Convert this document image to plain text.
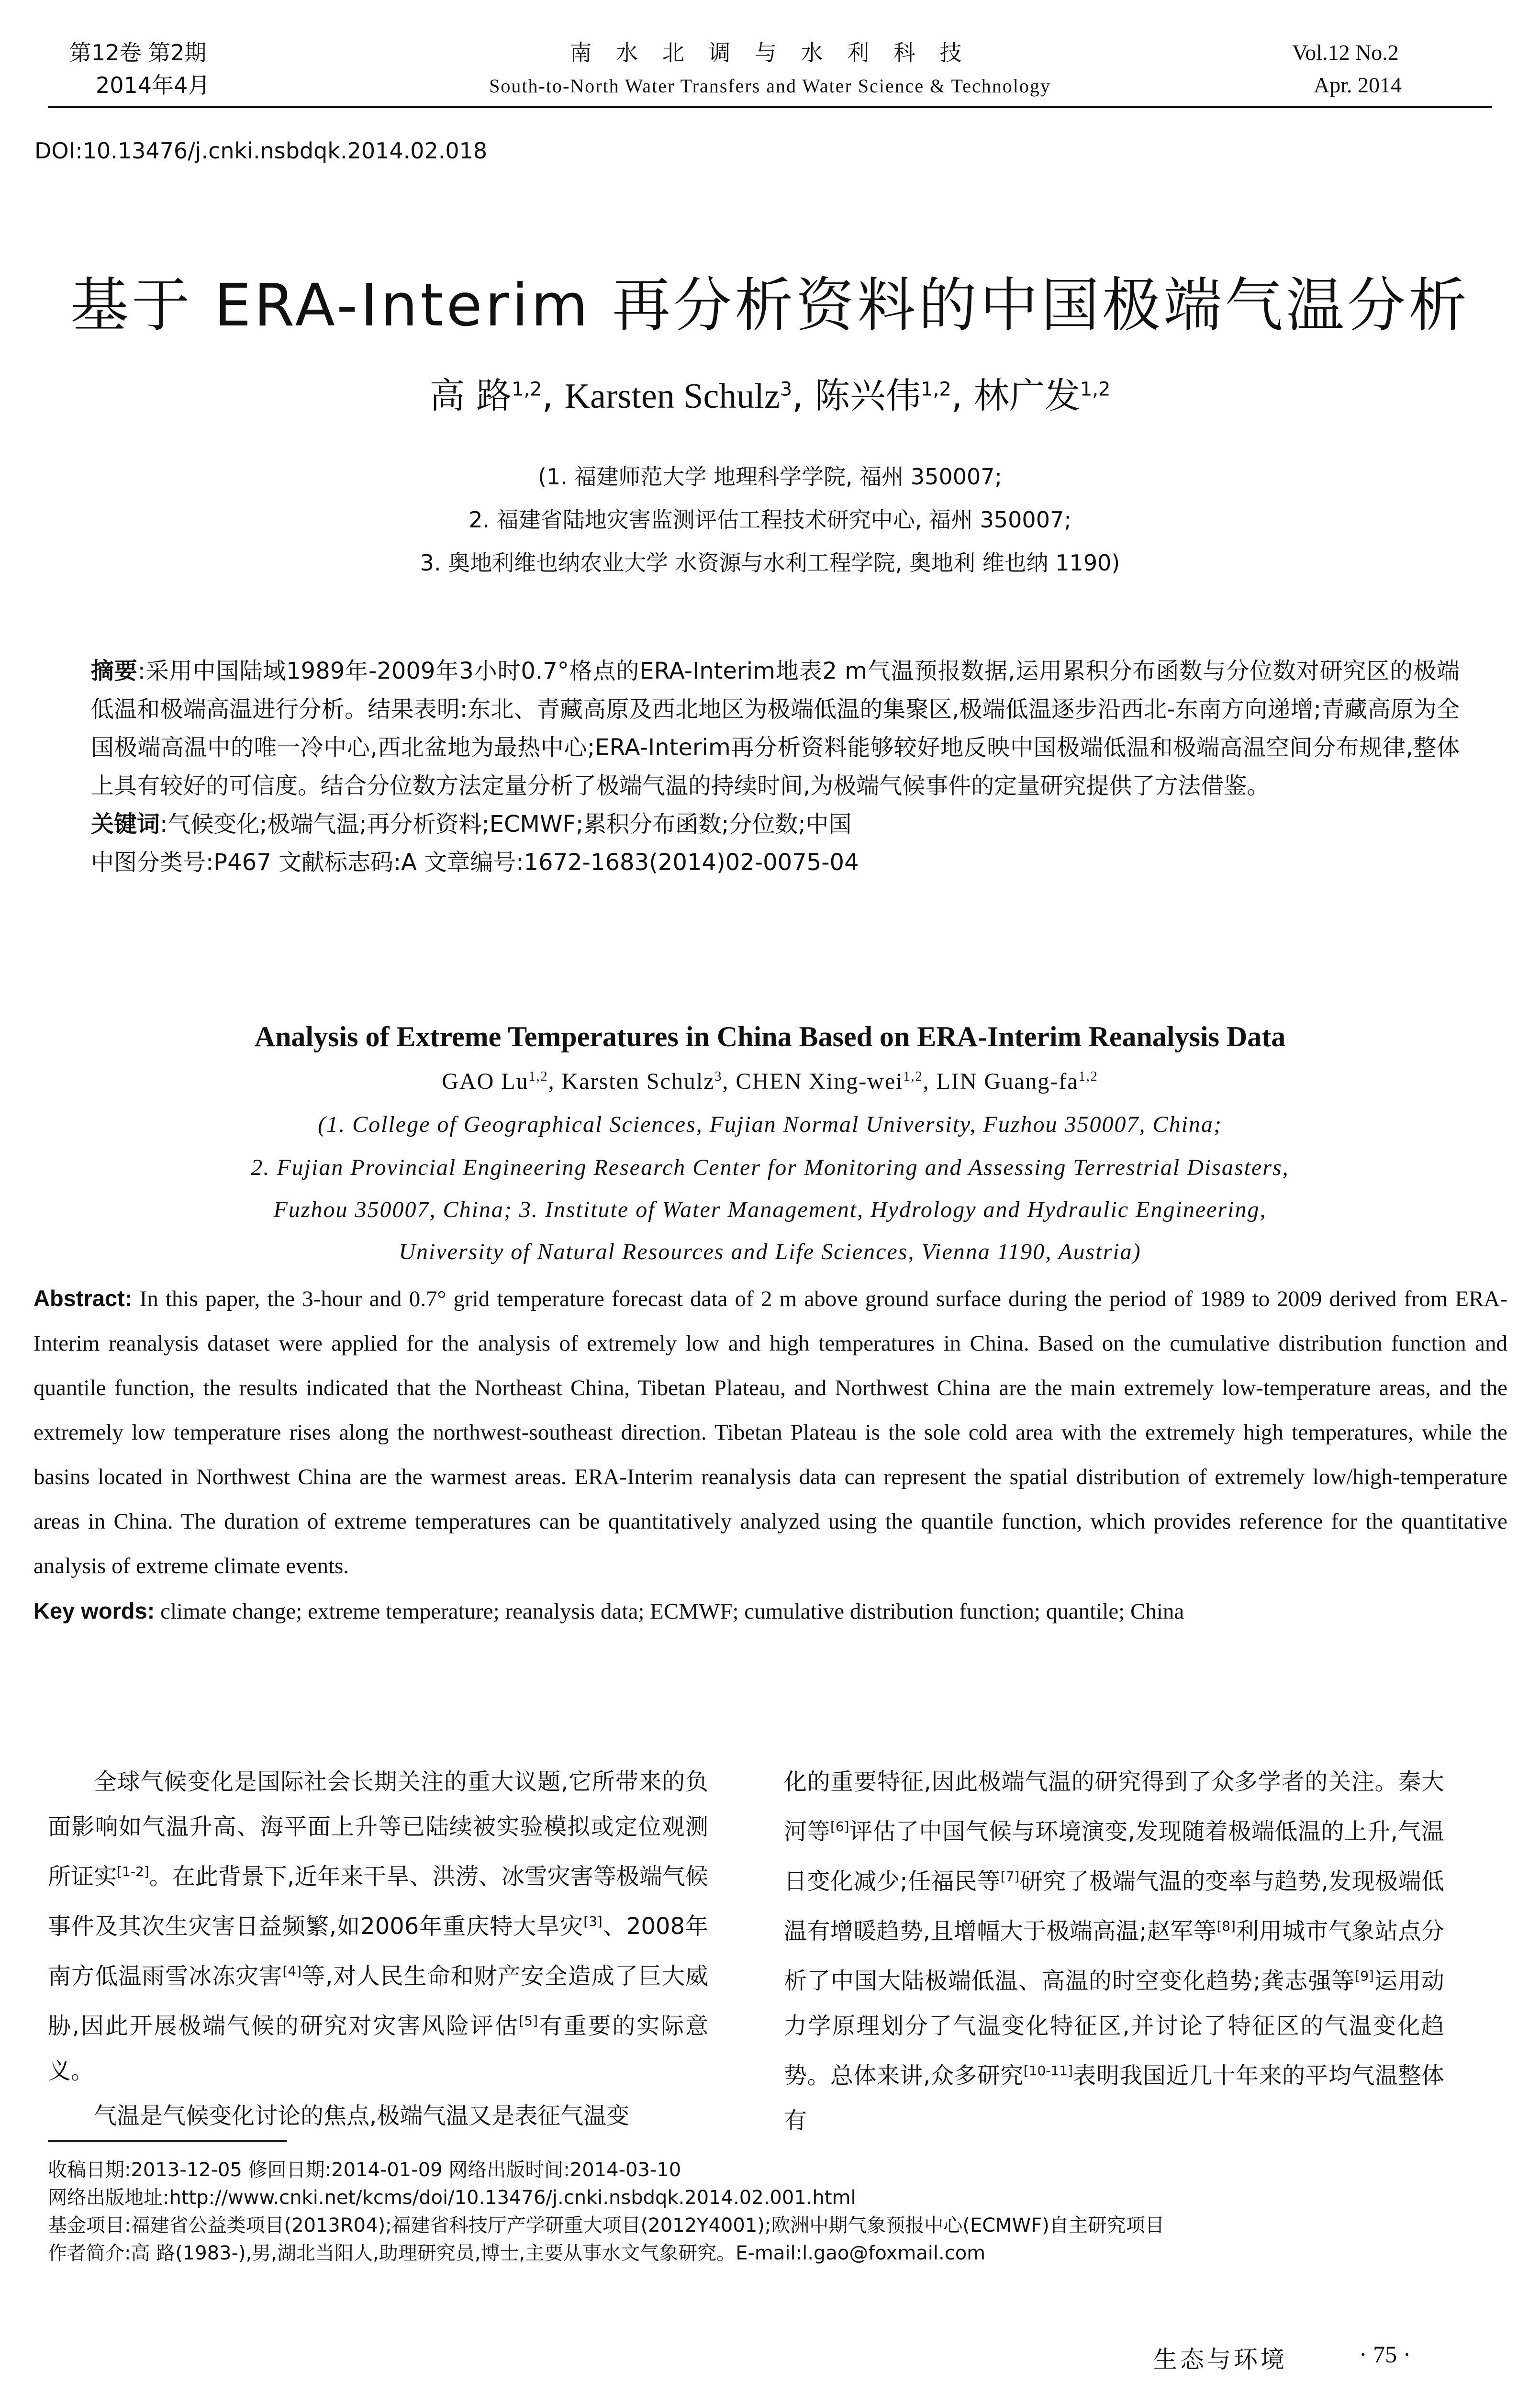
第12卷 第2期
2014年4月
南 水 北 调 与 水 利 科 技
South-to-North Water Transfers and Water Science & Technology
Vol.12 No.2
Apr. 2014
DOI:10.13476/j.cnki.nsbdqk.2014.02.018
基于 ERA-Interim 再分析资料的中国极端气温分析
高 路$^{1,2}$, Karsten Schulz$^3$, 陈兴伟$^{1,2}$, 林广发$^{1,2}$
(1. 福建师范大学 地理科学学院, 福州 350007;
2. 福建省陆地灾害监测评估工程技术研究中心, 福州 350007;
3. 奥地利维也纳农业大学 水资源与水利工程学院, 奥地利 维也纳 1190)

摘要:采用中国陆域1989年-2009年3小时0.7°格点的ERA-Interim地表2 m气温预报数据,运用累积分布函数与分位数对研究区的极端低温和极端高温进行分析。结果表明:东北、青藏高原及西北地区为极端低温的集聚区,极端低温逐步沿西北-东南方向递增;青藏高原为全国极端高温中的唯一冷中心,西北盆地为最热中心;ERA-Interim再分析资料能够较好地反映中国极端低温和极端高温空间分布规律,整体上具有较好的可信度。结合分位数方法定量分析了极端气温的持续时间,为极端气候事件的定量研究提供了方法借鉴。

关键词:气候变化;极端气温;再分析资料;ECMWF;累积分布函数;分位数;中国

中图分类号:P467 文献标志码:A 文章编号:1672-1683(2014)02-0075-04

Analysis of Extreme Temperatures in China Based on ERA-Interim Reanalysis Data
GAO Lu$^{1,2}$, Karsten Schulz$^3$, CHEN Xing-wei$^{1,2}$, LIN Guang-fa$^{1,2}$
(1. College of Geographical Sciences, Fujian Normal University, Fuzhou 350007, China;
2. Fujian Provincial Engineering Research Center for Monitoring and Assessing Terrestrial Disasters,
Fuzhou 350007, China; 3. Institute of Water Management, Hydrology and Hydraulic Engineering,
University of Natural Resources and Life Sciences, Vienna 1190, Austria)

Abstract: In this paper, the 3-hour and 0.7° grid temperature forecast data of 2 m above ground surface during the period of 1989 to 2009 derived from ERA-Interim reanalysis dataset were applied for the analysis of extremely low and high temperatures in China. Based on the cumulative distribution function and quantile function, the results indicated that the Northeast China, Tibetan Plateau, and Northwest China are the main extremely low-temperature areas, and the extremely low temperature rises along the northwest-southeast direction. Tibetan Plateau is the sole cold area with the extremely high temperatures, while the basins located in Northwest China are the warmest areas. ERA-Interim reanalysis data can represent the spatial distribution of extremely low/high-temperature areas in China. The duration of extreme temperatures can be quantitatively analyzed using the quantile function, which provides reference for the quantitative analysis of extreme climate events.

Key words: climate change; extreme temperature; reanalysis data; ECMWF; cumulative distribution function; quantile; China

全球气候变化是国际社会长期关注的重大议题,它所带来的负面影响如气温升高、海平面上升等已陆续被实验模拟或定位观测所证实[1-2]。在此背景下,近年来干旱、洪涝、冰雪灾害等极端气候事件及其次生灾害日益频繁,如2006年重庆特大旱灾[3]、2008年南方低温雨雪冰冻灾害[4]等,对人民生命和财产安全造成了巨大威胁,因此开展极端气候的研究对灾害风险评估[5]有重要的实际意义。

气温是气候变化讨论的焦点,极端气温又是表征气温变

化的重要特征,因此极端气温的研究得到了众多学者的关注。秦大河等[6]评估了中国气候与环境演变,发现随着极端低温的上升,气温日变化减少;任福民等[7]研究了极端气温的变率与趋势,发现极端低温有增暖趋势,且增幅大于极端高温;赵军等[8]利用城市气象站点分析了中国大陆极端低温、高温的时空变化趋势;龚志强等[9]运用动力学原理划分了气温变化特征区,并讨论了特征区的气温变化趋势。总体来讲,众多研究[10-11]表明我国近几十年来的平均气温整体有

收稿日期:2013-12-05 修回日期:2014-01-09 网络出版时间:2014-03-10
网络出版地址:http://www.cnki.net/kcms/doi/10.13476/j.cnki.nsbdqk.2014.02.001.html
基金项目:福建省公益类项目(2013R04);福建省科技厅产学研重大项目(2012Y4001);欧洲中期气象预报中心(ECMWF)自主研究项目
作者简介:高 路(1983-),男,湖北当阳人,助理研究员,博士,主要从事水文气象研究。E-mail:l.gao@foxmail.com
生态与环境	· 75 ·
